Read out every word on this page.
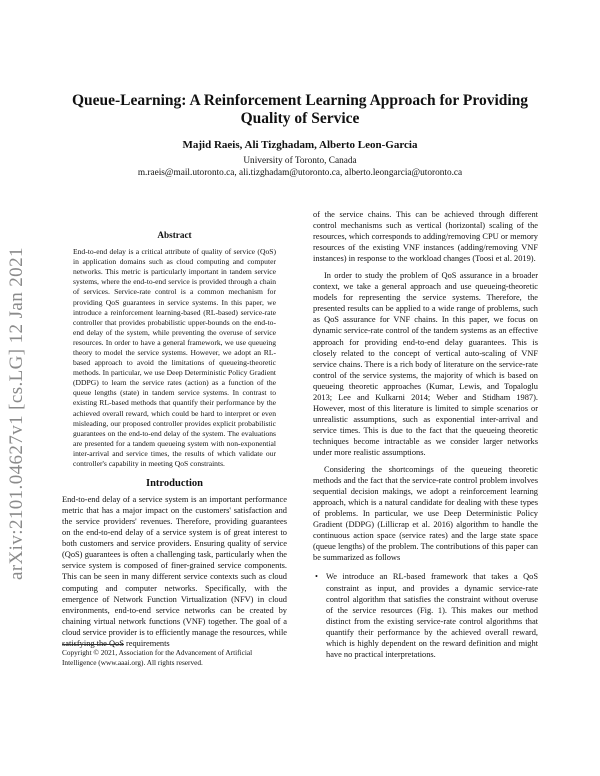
arXiv:2101.04627v1 [cs.LG] 12 Jan 2021
Queue-Learning: A Reinforcement Learning Approach for Providing Quality of Service
Majid Raeis, Ali Tizghadam, Alberto Leon-Garcia
University of Toronto, Canada
m.raeis@mail.utoronto.ca, ali.tizghadam@utoronto.ca, alberto.leongarcia@utoronto.ca
Abstract
End-to-end delay is a critical attribute of quality of service (QoS) in application domains such as cloud computing and computer networks. This metric is particularly important in tandem service systems, where the end-to-end service is provided through a chain of services. Service-rate control is a common mechanism for providing QoS guarantees in service systems. In this paper, we introduce a reinforcement learning-based (RL-based) service-rate controller that provides probabilistic upper-bounds on the end-to-end delay of the system, while preventing the overuse of service resources. In order to have a general framework, we use queueing theory to model the service systems. However, we adopt an RL-based approach to avoid the limitations of queueing-theoretic methods. In particular, we use Deep Deterministic Policy Gradient (DDPG) to learn the service rates (action) as a function of the queue lengths (state) in tandem service systems. In contrast to existing RL-based methods that quantify their performance by the achieved overall reward, which could be hard to interpret or even misleading, our proposed controller provides explicit probabilistic guarantees on the end-to-end delay of the system. The evaluations are presented for a tandem queueing system with non-exponential inter-arrival and service times, the results of which validate our controller's capability in meeting QoS constraints.
Introduction

End-to-end delay of a service system is an important performance metric that has a major impact on the customers' satisfaction and the service providers' revenues. Therefore, providing guarantees on the end-to-end delay of a service system is of great interest to both customers and service providers. Ensuring quality of service (QoS) guarantees is often a challenging task, particularly when the service system is composed of finer-grained service components. This can be seen in many different service contexts such as cloud computing and computer networks. Specifically, with the emergence of Network Function Virtualization (NFV) in cloud environments, end-to-end service networks can be created by chaining virtual network functions (VNF) together. The goal of a cloud service provider is to efficiently manage the resources, while satisfying the QoS requirements

of the service chains. This can be achieved through different control mechanisms such as vertical (horizontal) scaling of the resources, which corresponds to adding/removing CPU or memory resources of the existing VNF instances (adding/removing VNF instances) in response to the workload changes (Toosi et al. 2019).

In order to study the problem of QoS assurance in a broader context, we take a general approach and use queueing-theoretic models for representing the service systems. Therefore, the presented results can be applied to a wide range of problems, such as QoS assurance for VNF chains. In this paper, we focus on dynamic service-rate control of the tandem systems as an effective approach for providing end-to-end delay guarantees. This is closely related to the concept of vertical auto-scaling of VNF service chains. There is a rich body of literature on the service-rate control of the service systems, the majority of which is based on queueing theoretic approaches (Kumar, Lewis, and Topaloglu 2013; Lee and Kulkarni 2014; Weber and Stidham 1987). However, most of this literature is limited to simple scenarios or unrealistic assumptions, such as exponential inter-arrival and service times. This is due to the fact that the queueing theoretic techniques become intractable as we consider larger networks under more realistic assumptions.

Considering the shortcomings of the queueing theoretic methods and the fact that the service-rate control problem involves sequential decision makings, we adopt a reinforcement learning approach, which is a natural candidate for dealing with these types of problems. In particular, we use Deep Deterministic Policy Gradient (DDPG) (Lillicrap et al. 2016) algorithm to handle the continuous action space (service rates) and the large state space (queue lengths) of the problem. The contributions of this paper can be summarized as follows

• We introduce an RL-based framework that takes a QoS constraint as input, and provides a dynamic service-rate control algorithm that satisfies the constraint without overuse of the service resources (Fig. 1). This makes our method distinct from the existing service-rate control algorithms that quantify their performance by the achieved overall reward, which is highly dependent on the reward definition and might have no practical interpretations.
Copyright © 2021, Association for the Advancement of Artificial Intelligence (www.aaai.org). All rights reserved.
